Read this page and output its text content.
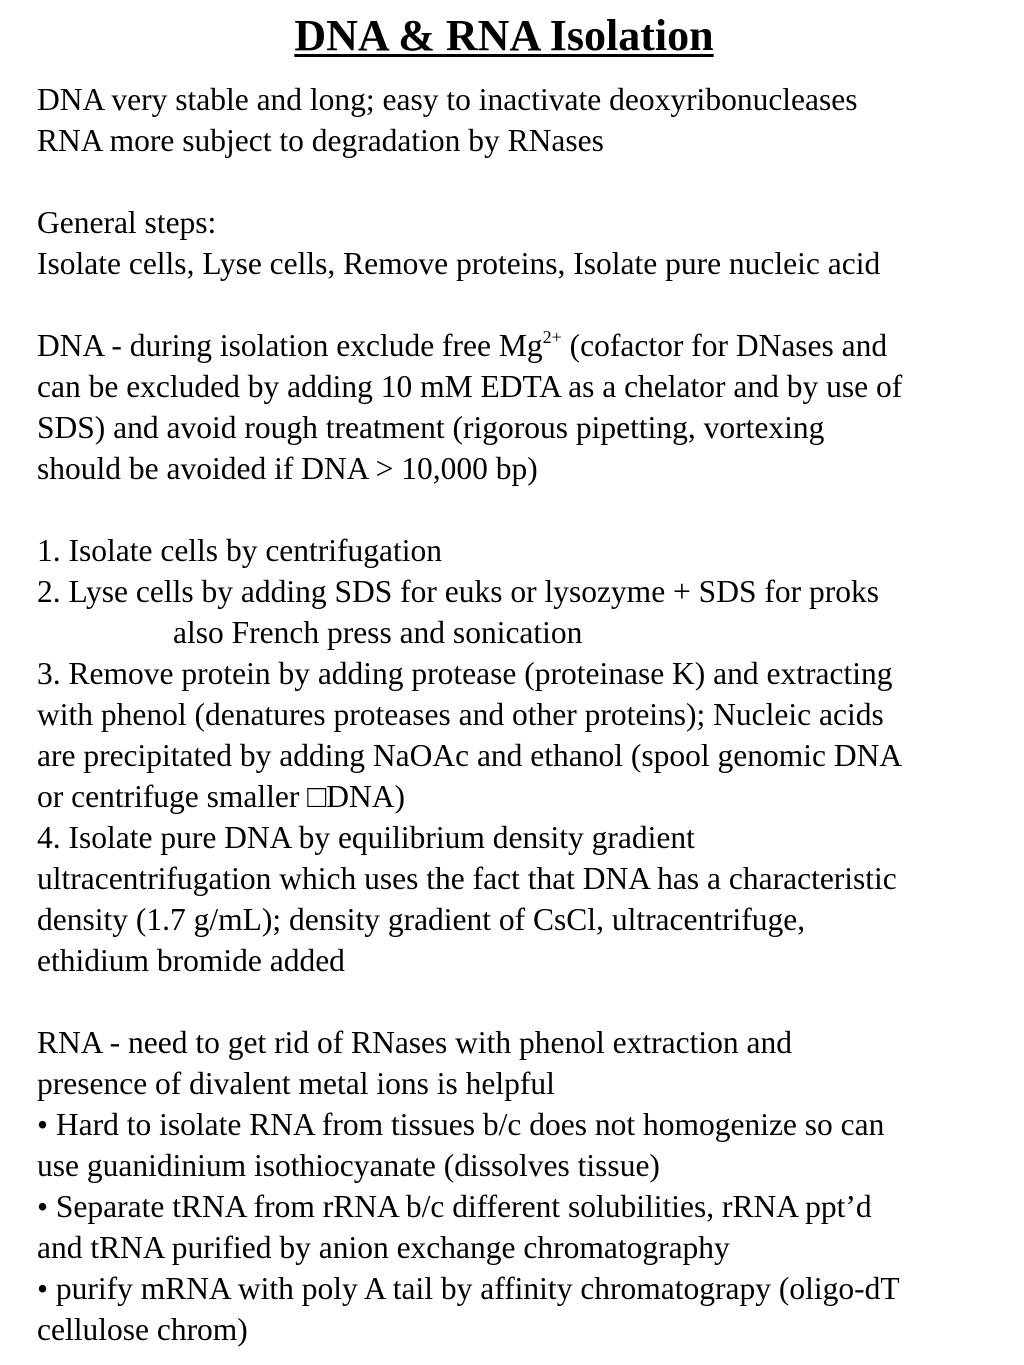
DNA & RNA Isolation
DNA very stable and long; easy to inactivate deoxyribonucleases
RNA more subject to degradation by RNases
General steps:
Isolate cells, Lyse cells, Remove proteins, Isolate pure nucleic acid
DNA - during isolation exclude free $Mg^{2+}$ (cofactor for DNases and
can be excluded by adding 10 mM EDTA as a chelator and by use of
SDS) and avoid rough treatment (rigorous pipetting, vortexing
should be avoided if DNA > 10,000 bp)
1. Isolate cells by centrifugation
2. Lyse cells by adding SDS for euks or lysozyme + SDS for proks
also French press and sonication
3. Remove protein by adding protease (proteinase K) and extracting
with phenol (denatures proteases and other proteins); Nucleic acids
are precipitated by adding NaOAc and ethanol (spool genomic DNA
or centrifuge smaller □DNA)
4. Isolate pure DNA by equilibrium density gradient
ultracentrifugation which uses the fact that DNA has a characteristic
density (1.7 g/mL); density gradient of CsCl, ultracentrifuge,
ethidium bromide added
RNA - need to get rid of RNases with phenol extraction and
presence of divalent metal ions is helpful
• Hard to isolate RNA from tissues b/c does not homogenize so can
use guanidinium isothiocyanate (dissolves tissue)
• Separate tRNA from rRNA b/c different solubilities, rRNA ppt’d
and tRNA purified by anion exchange chromatography
• purify mRNA with poly A tail by affinity chromatograpy (oligo-dT
cellulose chrom)
